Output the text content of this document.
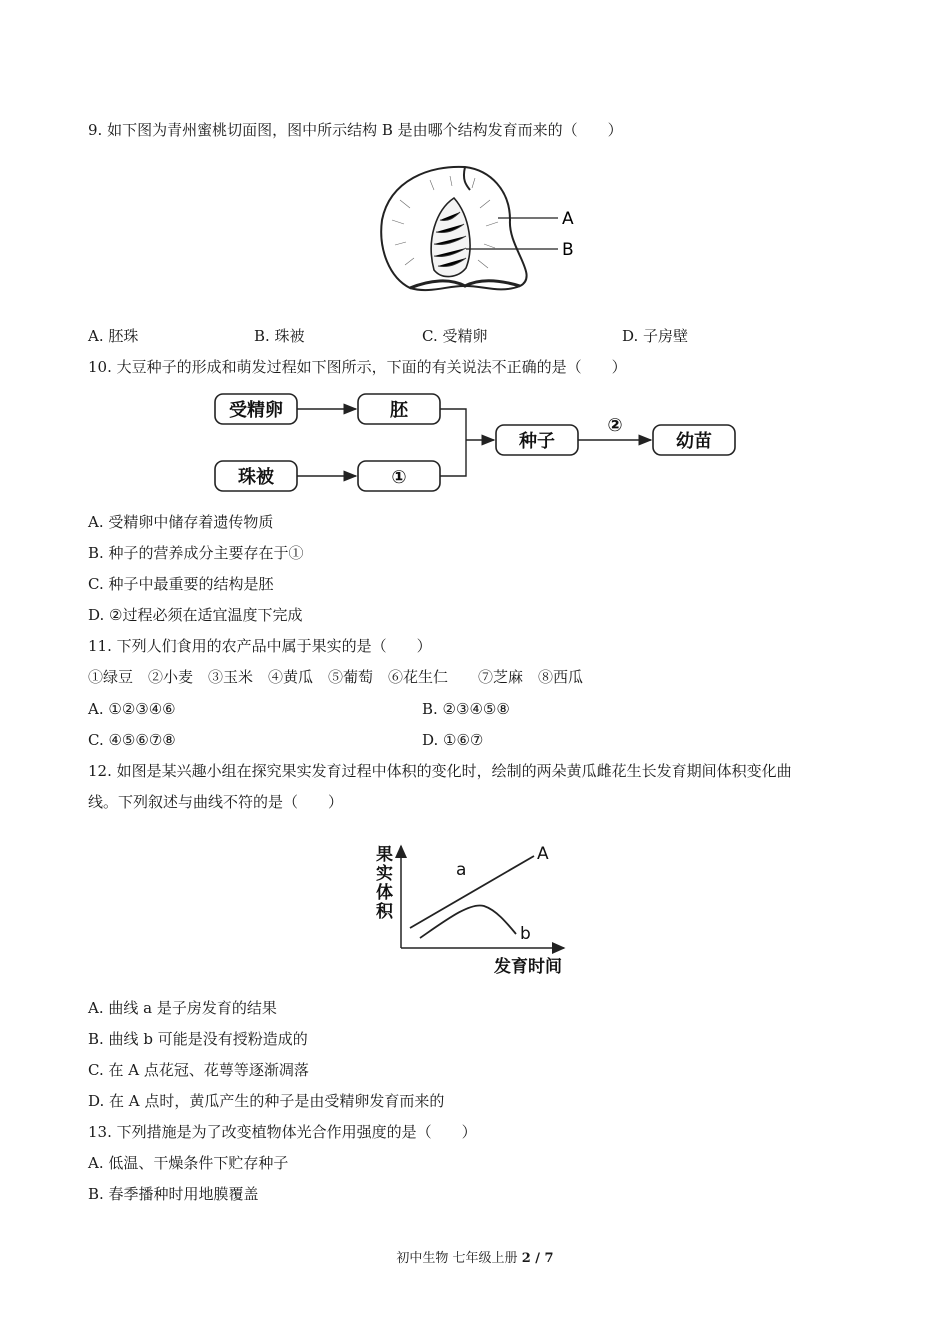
9. 如下图为青州蜜桃切面图，图中所示结构 B 是由哪个结构发育而来的（　　）
A
B
A. 胚珠	B. 珠被	C. 受精卵	D. 子房壁
10. 大豆种子的形成和萌发过程如下图所示，下面的有关说法不正确的是（　　）
受精卵	胚
珠被	①
种子
②
幼苗
A. 受精卵中储存着遗传物质
B. 种子的营养成分主要存在于①
C. 种子中最重要的结构是胚
D. ②过程必须在适宜温度下完成
11. 下列人们食用的农产品中属于果实的是（　　）
①绿豆　②小麦　③玉米　④黄瓜　⑤葡萄　⑥花生仁　　⑦芝麻　⑧西瓜
A. ①②③④⑥	B. ②③④⑤⑧
C. ④⑤⑥⑦⑧	D. ①⑥⑦
12. 如图是某兴趣小组在探究果实发育过程中体积的变化时，绘制的两朵黄瓜雌花生长发育期间体积变化曲
线。下列叙述与曲线不符的是（　　）
果
实
体
积
发育时间
a
A
b
A. 曲线 a 是子房发育的结果
B. 曲线 b 可能是没有授粉造成的
C. 在 A 点花冠、花萼等逐渐凋落
D. 在 A 点时，黄瓜产生的种子是由受精卵发育而来的
13. 下列措施是为了改变植物体光合作用强度的是（　　）
A. 低温、干燥条件下贮存种子
B. 春季播种时用地膜覆盖
初中生物 七年级上册 2 / 7
